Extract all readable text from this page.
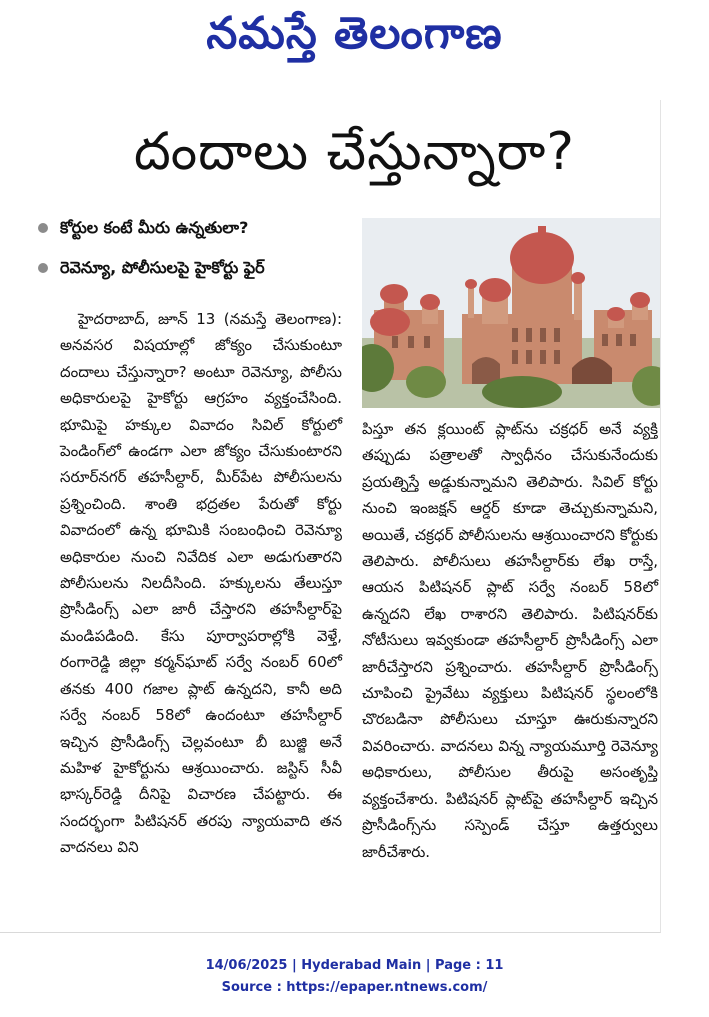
నమస్తే తెలంగాణ
దందాలు చేస్తున్నారా?
కోర్టుల కంటే మీరు ఉన్నతులా?
రెవెన్యూ, పోలీసులపై హైకోర్టు ఫైర్
హైదరాబాద్, జూన్ 13 (నమస్తే తెలంగాణ): అనవసర విషయాల్లో జోక్యం చేసుకుంటూ దందాలు చేస్తున్నారా? అంటూ రెవెన్యూ, పోలీసు అధికారులపై హైకోర్టు ఆగ్రహం వ్యక్తంచేసింది. భూమిపై హక్కుల వివాదం సివిల్ కోర్టులో పెండింగ్‌లో ఉండగా ఎలా జోక్యం చేసుకుంటారని సరూర్‌నగర్ తహసీల్దార్, మీర్‌పేట పోలీసులను ప్రశ్నించింది. శాంతి భద్రతల పేరుతో కోర్టు వివాదంలో ఉన్న భూమికి సంబంధించి రెవెన్యూ అధికారుల నుంచి నివేదిక ఎలా అడుగుతారని పోలీసులను నిలదీసింది. హక్కులను తేలుస్తూ ప్రొసీడింగ్స్ ఎలా జారీ చేస్తారని తహసీల్దార్‌పై మండిపడింది. కేసు పూర్వాపరాల్లోకి వెళ్తే, రంగారెడ్డి జిల్లా కర్మన్‌ఘాట్ సర్వే నంబర్ 60లో తనకు 400 గజాల ప్లాట్ ఉన్నదని, కానీ అది సర్వే నంబర్ 58లో ఉందంటూ తహసీల్దార్ ఇచ్చిన ప్రొసీడింగ్స్ చెల్లవంటూ బీ బుజ్జి అనే మహిళ హైకోర్టును ఆశ్రయించారు. జస్టిస్ సీవీ భాస్కర్‌రెడ్డి దీనిపై విచారణ చేపట్టారు. ఈ సందర్భంగా పిటిషనర్ తరపు న్యాయవాది తన వాదనలు విని
పిస్తూ తన క్లయింట్ ప్లాట్‌ను చక్రధర్ అనే వ్యక్తి తప్పుడు పత్రాలతో స్వాధీనం చేసుకునేందుకు ప్రయత్నిస్తే అడ్డుకున్నామని తెలిపారు. సివిల్ కోర్టు నుంచి ఇంజక్షన్ ఆర్డర్ కూడా తెచ్చుకున్నామని, అయితే, చక్రధర్ పోలీసులను ఆశ్రయించారని కోర్టుకు తెలిపారు. పోలీసులు తహసీల్దార్‌కు లేఖ రాస్తే, ఆయన పిటిషనర్ ప్లాట్ సర్వే నంబర్ 58లో ఉన్నదని లేఖ రాశారని తెలిపారు. పిటిషనర్‌కు నోటీసులు ఇవ్వకుండా తహసీల్దార్ ప్రొసీడింగ్స్ ఎలా జారీచేస్తారని ప్రశ్నించారు. తహసీల్దార్ ప్రొసీడింగ్స్ చూపించి ప్రైవేటు వ్యక్తులు పిటిషనర్ స్థలంలోకి చొరబడినా పోలీసులు చూస్తూ ఊరుకున్నారని వివరించారు. వాదనలు విన్న న్యాయమూర్తి రెవెన్యూ అధికారులు, పోలీసుల తీరుపై అసంతృప్తి వ్యక్తంచేశారు. పిటిషనర్ ప్లాట్‌పై తహసీల్దార్ ఇచ్చిన ప్రొసీడింగ్స్‌ను సస్పెండ్ చేస్తూ ఉత్తర్వులు జారీచేశారు.
14/06/2025 | Hyderabad Main | Page : 11
Source : https://epaper.ntnews.com/
